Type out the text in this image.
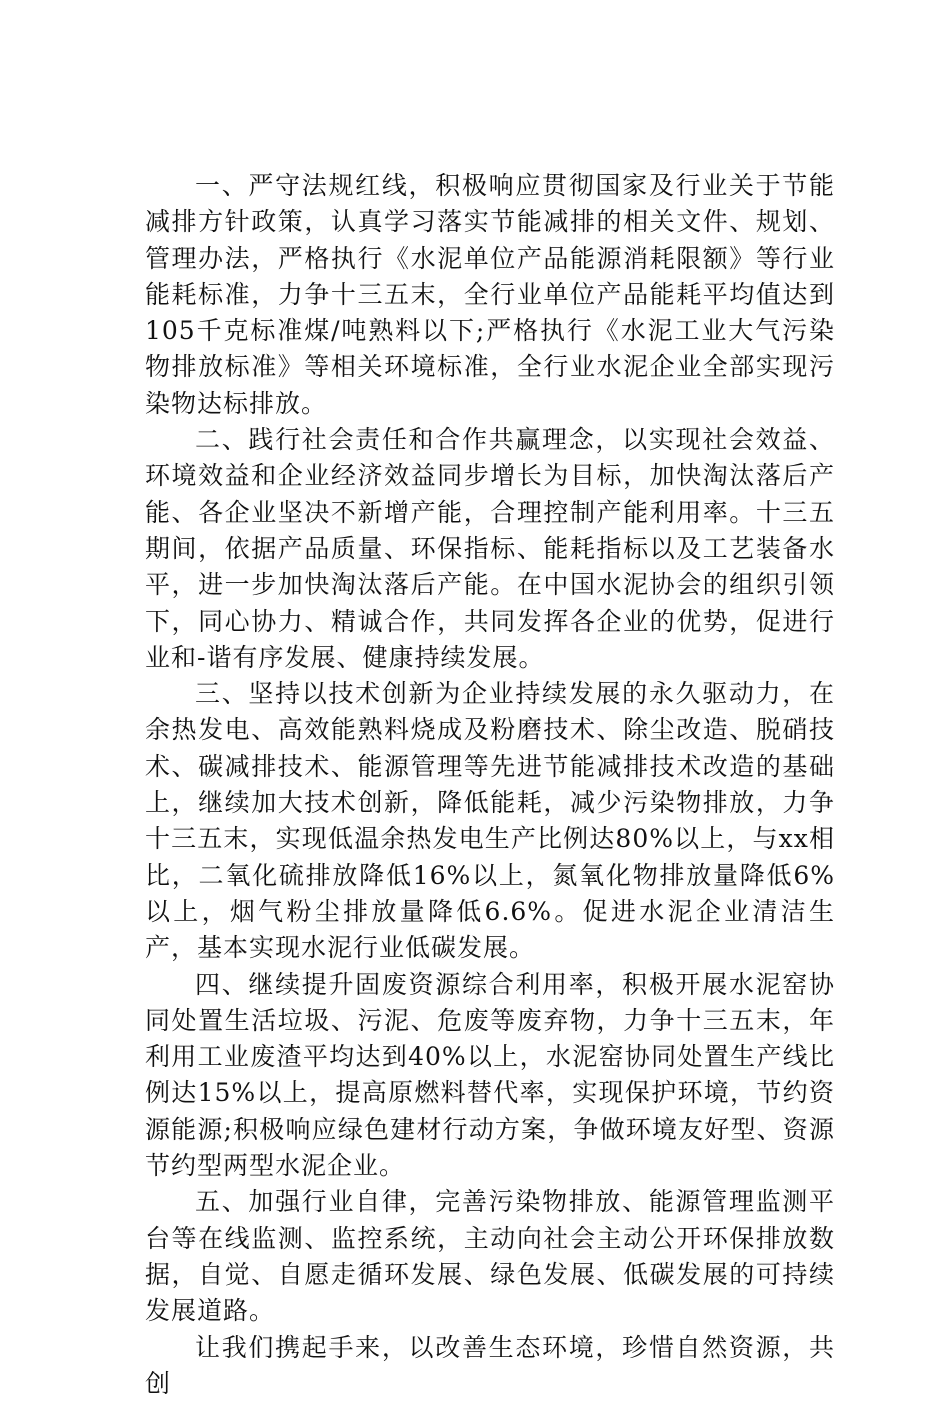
一、严守法规红线，积极响应贯彻国家及行业关于节能减排方针政策，认真学习落实节能减排的相关文件、规划、管理办法，严格执行《水泥单位产品能源消耗限额》等行业能耗标准，力争十三五末，全行业单位产品能耗平均值达到105千克标准煤/吨熟料以下;严格执行《水泥工业大气污染物排放标准》等相关环境标准，全行业水泥企业全部实现污染物达标排放。

二、践行社会责任和合作共赢理念，以实现社会效益、环境效益和企业经济效益同步增长为目标，加快淘汰落后产能、各企业坚决不新增产能，合理控制产能利用率。十三五期间，依据产品质量、环保指标、能耗指标以及工艺装备水平，进一步加快淘汰落后产能。在中国水泥协会的组织引领下，同心协力、精诚合作，共同发挥各企业的优势，促进行业和-谐有序发展、健康持续发展。

三、坚持以技术创新为企业持续发展的永久驱动力，在余热发电、高效能熟料烧成及粉磨技术、除尘改造、脱硝技术、碳减排技术、能源管理等先进节能减排技术改造的基础上，继续加大技术创新，降低能耗，减少污染物排放，力争十三五末，实现低温余热发电生产比例达80%以上，与xx相比，二氧化硫排放降低16%以上，氮氧化物排放量降低6%以上，烟气粉尘排放量降低6.6%。促进水泥企业清洁生产，基本实现水泥行业低碳发展。

四、继续提升固废资源综合利用率，积极开展水泥窑协同处置生活垃圾、污泥、危废等废弃物，力争十三五末，年利用工业废渣平均达到40%以上，水泥窑协同处置生产线比例达15%以上，提高原燃料替代率，实现保护环境，节约资源能源;积极响应绿色建材行动方案，争做环境友好型、资源节约型两型水泥企业。

五、加强行业自律，完善污染物排放、能源管理监测平台等在线监测、监控系统，主动向社会主动公开环保排放数据，自觉、自愿走循环发展、绿色发展、低碳发展的可持续发展道路。

让我们携起手来，以改善生态环境，珍惜自然资源，共创
